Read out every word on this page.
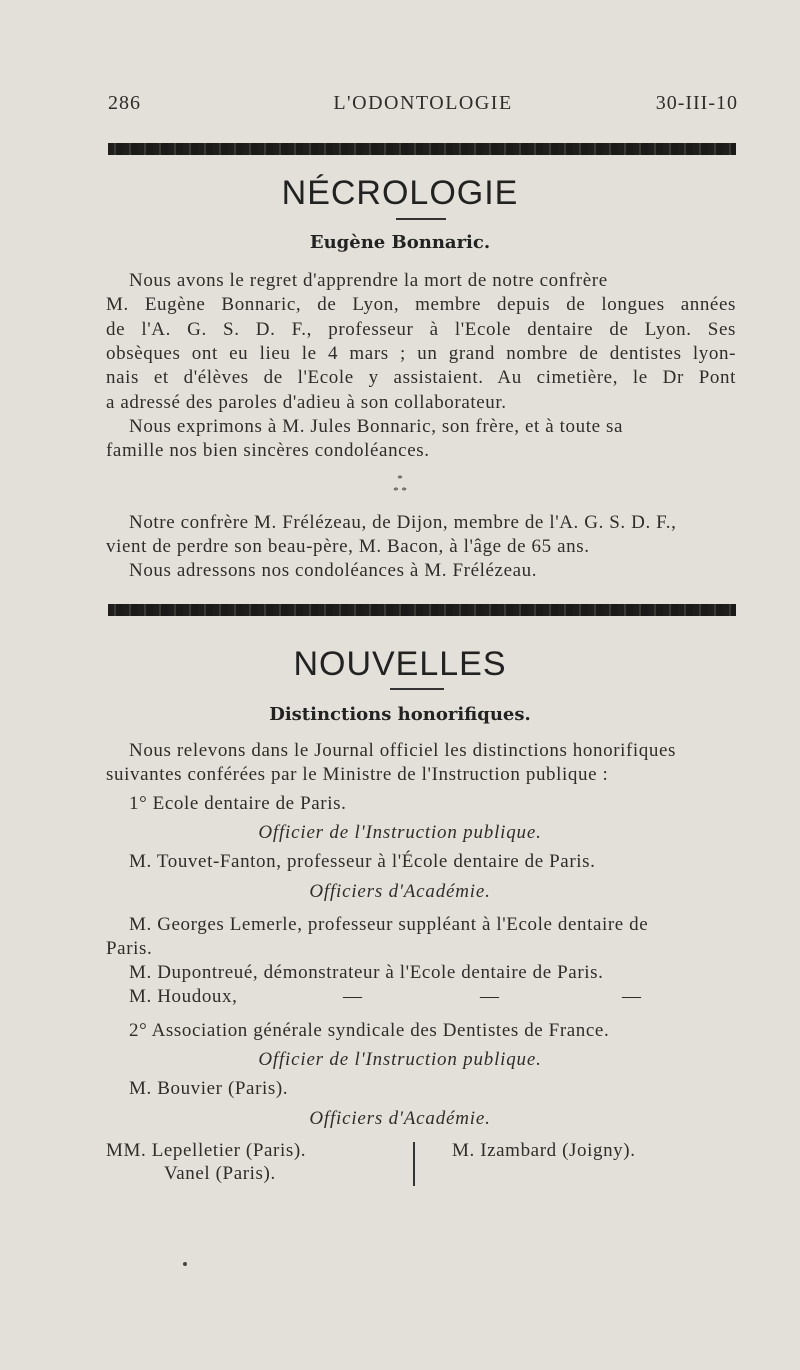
286	L'ODONTOLOGIE	30-III-10
NÉCROLOGIE
Eugène Bonnaric.
Nous avons le regret d'apprendre la mort de notre confrère
M. Eugène Bonnaric, de Lyon, membre depuis de longues années
de l'A. G. S. D. F., professeur à l'Ecole dentaire de Lyon. Ses
obsèques ont eu lieu le 4 mars ; un grand nombre de dentistes lyon-
nais et d'élèves de l'Ecole y assistaient. Au cimetière, le Dr Pont
a adressé des paroles d'adieu à son collaborateur.
Nous exprimons à M. Jules Bonnaric, son frère, et à toute sa
famille nos bien sincères condoléances.
*
* *
Notre confrère M. Frélézeau, de Dijon, membre de l'A. G. S. D. F.,
vient de perdre son beau-père, M. Bacon, à l'âge de 65 ans.
Nous adressons nos condoléances à M. Frélézeau.
NOUVELLES
Distinctions honorifiques.
Nous relevons dans le Journal officiel les distinctions honorifiques
suivantes conférées par le Ministre de l'Instruction publique :
1° Ecole dentaire de Paris.
Officier de l'Instruction publique.
M. Touvet-Fanton, professeur à l'École dentaire de Paris.
Officiers d'Académie.
M. Georges Lemerle, professeur suppléant à l'Ecole dentaire de
Paris.
M. Dupontreué, démonstrateur à l'Ecole dentaire de Paris.
M. Houdoux,	—	—	—
2° Association générale syndicale des Dentistes de France.
Officier de l'Instruction publique.
M. Bouvier (Paris).
Officiers d'Académie.
MM. Lepelletier (Paris).
Vanel (Paris).
M. Izambard (Joigny).
